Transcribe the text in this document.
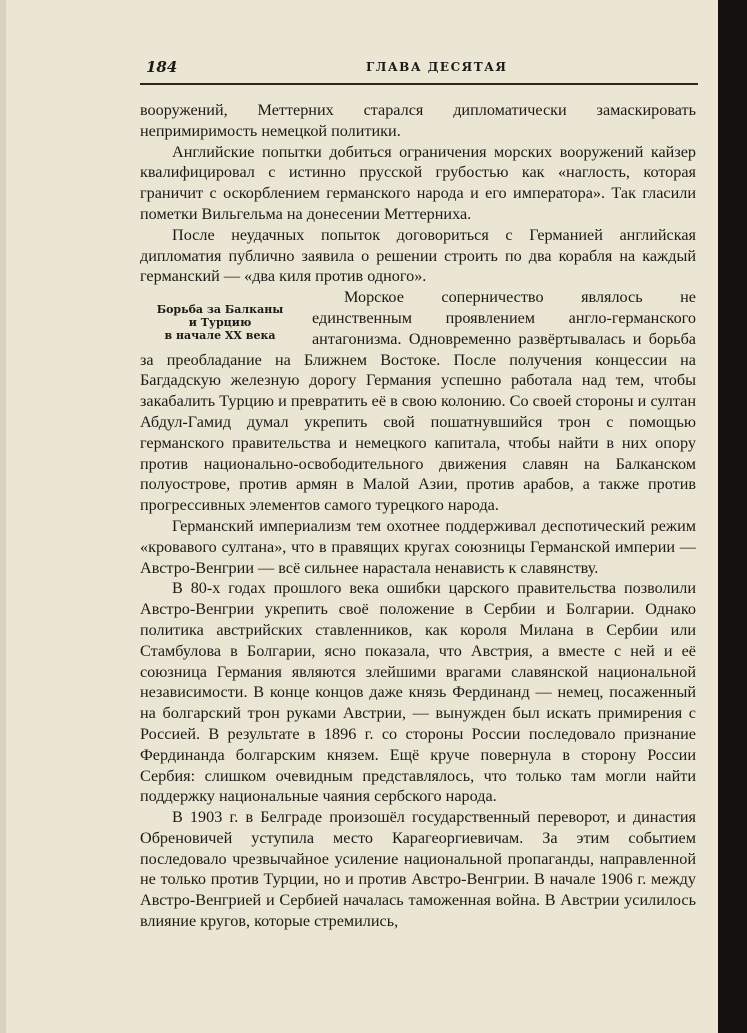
184	ГЛАВА ДЕСЯТАЯ

вооружений, Меттерних старался дипломатически замаскировать непримиримость немецкой политики.

Английские попытки добиться ограничения морских вооружений кайзер квалифицировал с истинно прусской грубостью как «наглость, которая граничит с оскорблением германского народа и его императора». Так гласили пометки Вильгельма на донесении Меттерниха.

После неудачных попыток договориться с Германией английская дипломатия публично заявила о решении строить по два корабля на каждый германский — «два киля против одного».

Борьба за Балканы
и Турцию
в начале XX века

Морское соперничество являлось не единственным проявлением англо-германского антагонизма. Одновременно развёртывалась и борьба за преобладание на Ближнем Востоке. После получения концессии на Багдадскую железную дорогу Германия успешно работала над тем, чтобы закабалить Турцию и превратить её в свою колонию. Со своей стороны и султан Абдул-Гамид думал укрепить свой пошатнувшийся трон с помощью германского правительства и немецкого капитала, чтобы найти в них опору против национально-освободительного движения славян на Балканском полуострове, против армян в Малой Азии, против арабов, а также против прогрессивных элементов самого турецкого народа.

Германский империализм тем охотнее поддерживал деспотический режим «кровавого султана», что в правящих кругах союзницы Германской империи — Австро-Венгрии — всё сильнее нарастала ненависть к славянству.

В 80-х годах прошлого века ошибки царского правительства позволили Австро-Венгрии укрепить своё положение в Сербии и Болгарии. Однако политика австрийских ставленников, как короля Милана в Сербии или Стамбулова в Болгарии, ясно показала, что Австрия, а вместе с ней и её союзница Германия являются злейшими врагами славянской национальной независимости. В конце концов даже князь Фердинанд — немец, посаженный на болгарский трон руками Австрии, — вынужден был искать примирения с Россией. В результате в 1896 г. со стороны России последовало признание Фердинанда болгарским князем. Ещё круче повернула в сторону России Сербия: слишком очевидным представлялось, что только там могли найти поддержку национальные чаяния сербского народа.

В 1903 г. в Белграде произошёл государственный переворот, и династия Обреновичей уступила место Карагеоргиевичам. За этим событием последовало чрезвычайное усиление национальной пропаганды, направленной не только против Турции, но и против Австро-Венгрии. В начале 1906 г. между Австро-Венгрией и Сербией началась таможенная война. В Австрии усилилось влияние кругов, которые стремились,
